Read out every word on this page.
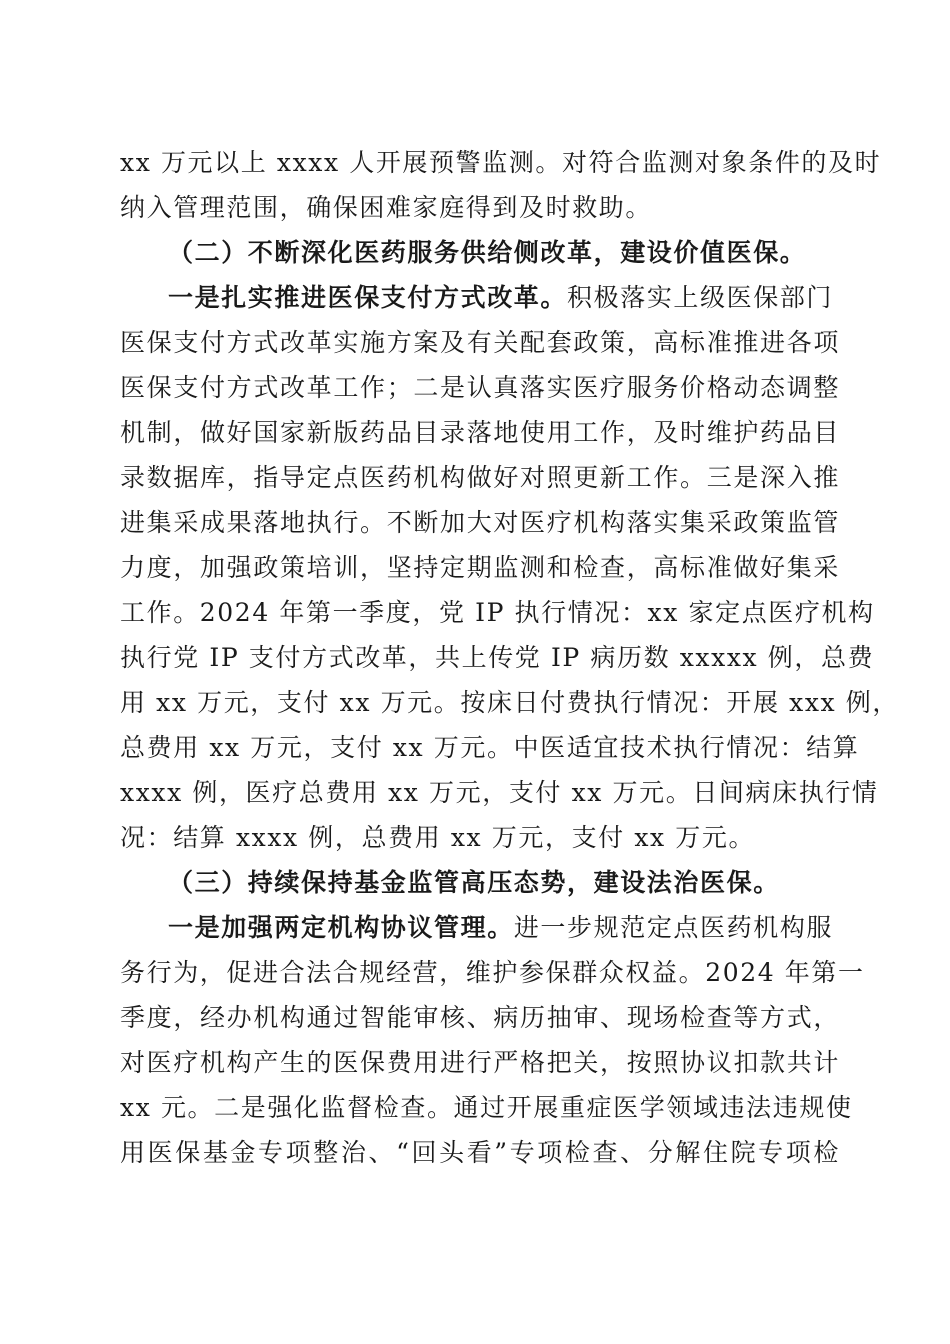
xx 万元以上 xxxx 人开展预警监测。对符合监测对象条件的及时
纳入管理范围，确保困难家庭得到及时救助。
（二）不断深化医药服务供给侧改革，建设价值医保。
一是扎实推进医保支付方式改革。积极落实上级医保部门
医保支付方式改革实施方案及有关配套政策，高标准推进各项
医保支付方式改革工作；二是认真落实医疗服务价格动态调整
机制，做好国家新版药品目录落地使用工作，及时维护药品目
录数据库，指导定点医药机构做好对照更新工作。三是深入推
进集采成果落地执行。不断加大对医疗机构落实集采政策监管
力度，加强政策培训，坚持定期监测和检查，高标准做好集采
工作。2024 年第一季度，党 IP 执行情况：xx 家定点医疗机构
执行党 IP 支付方式改革，共上传党 IP 病历数 xxxxx 例，总费
用 xx 万元，支付 xx 万元。按床日付费执行情况：开展 xxx 例，
总费用 xx 万元，支付 xx 万元。中医适宜技术执行情况：结算
xxxx 例，医疗总费用 xx 万元，支付 xx 万元。日间病床执行情
况：结算 xxxx 例，总费用 xx 万元，支付 xx 万元。
（三）持续保持基金监管高压态势，建设法治医保。
一是加强两定机构协议管理。进一步规范定点医药机构服
务行为，促进合法合规经营，维护参保群众权益。2024 年第一
季度，经办机构通过智能审核、病历抽审、现场检查等方式，
对医疗机构产生的医保费用进行严格把关，按照协议扣款共计
xx 元。二是强化监督检查。通过开展重症医学领域违法违规使
用医保基金专项整治、“回头看”专项检查、分解住院专项检
